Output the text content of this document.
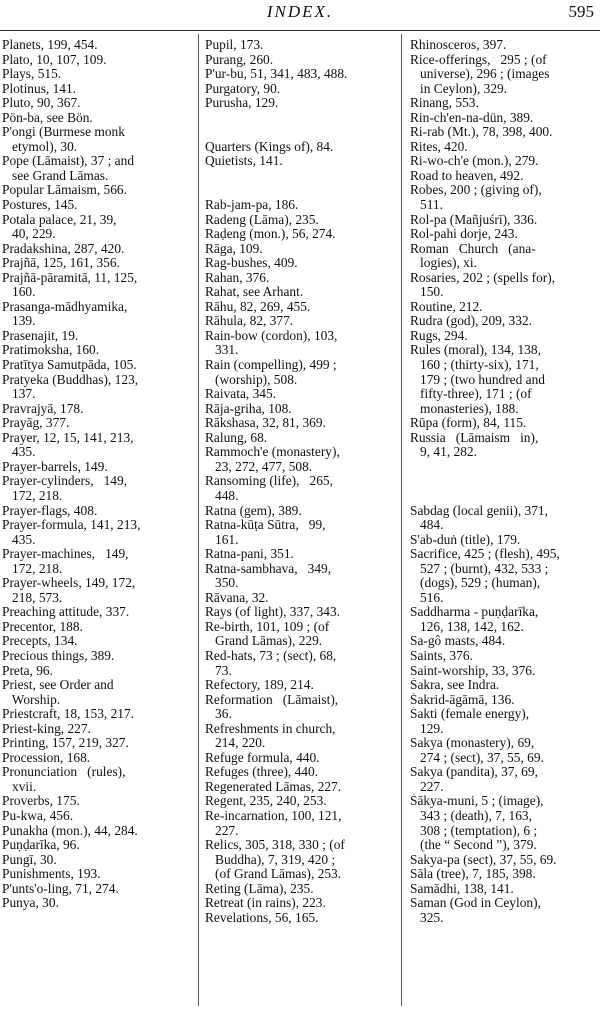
INDEX.	595
Planets, 199, 454.
Plato, 10, 107, 109.
Plays, 515.
Plotinus, 141.
Pluto, 90, 367.
Pön-ba, see Bön.
P'ongi (Burmese monk
etymol), 30.
Pope (Lāmaist), 37 ; and
see Grand Lāmas.
Popular Lāmaism, 566.
Postures, 145.
Potala palace, 21, 39,
40, 229.
Pradakshina, 287, 420.
Prajñā, 125, 161, 356.
Prajñā-pāramitā, 11, 125,
160.
Prasanga-mādhyamika,
139.
Prasenajit, 19.
Pratimoksha, 160.
Pratītya Samutpāda, 105.
Pratyeka (Buddhas), 123,
137.
Pravrajyā, 178.
Prayāg, 377.
Prayer, 12, 15, 141, 213,
435.
Prayer-barrels, 149.
Prayer-cylinders,   149,
172, 218.
Prayer-flags, 408.
Prayer-formula, 141, 213,
435.
Prayer-machines,   149,
172, 218.
Prayer-wheels, 149, 172,
218, 573.
Preaching attitude, 337.
Precentor, 188.
Precepts, 134.
Precious things, 389.
Preta, 96.
Priest, see Order and
Worship.
Priestcraft, 18, 153, 217.
Priest-king, 227.
Printing, 157, 219, 327.
Procession, 168.
Pronunciation   (rules),
xvii.
Proverbs, 175.
Pu-kwa, 456.
Punakha (mon.), 44, 284.
Puṇḍarīka, 96.
Pungī, 30.
Punishments, 193.
P'unts'o-ling, 71, 274.
Punya, 30.
Pupil, 173.
Purang, 260.
P'ur-bu, 51, 341, 483, 488.
Purgatory, 90.
Purusha, 129.

Quarters (Kings of), 84.
Quietists, 141.

Rab-jam-pa, 186.
Radeng (Lāma), 235.
Raḍeng (mon.), 56, 274.
Rāga, 109.
Rag-bushes, 409.
Rahan, 376.
Rahat, see Arhant.
Rāhu, 82, 269, 455.
Rāhula, 82, 377.
Rain-bow (cordon), 103,
331.
Rain (compelling), 499 ;
(worship), 508.
Raivata, 345.
Rāja-griha, 108.
Rākshasa, 32, 81, 369.
Ralung, 68.
Rammoch'e (monastery),
23, 272, 477, 508.
Ransoming (life),   265,
448.
Ratna (gem), 389.
Ratna-kūṭa Sūtra,   99,
161.
Ratna-pani, 351.
Ratna-sambhava,   349,
350.
Rāvana, 32.
Rays (of light), 337, 343.
Re-birth, 101, 109 ; (of
Grand Lāmas), 229.
Red-hats, 73 ; (sect), 68,
73.
Refectory, 189, 214.
Reformation   (Lāmaist),
36.
Refreshments in church,
214, 220.
Refuge formula, 440.
Refuges (three), 440.
Regenerated Lāmas, 227.
Regent, 235, 240, 253.
Re-incarnation, 100, 121,
227.
Relics, 305, 318, 330 ; (of
Buddha), 7, 319, 420 ;
(of Grand Lāmas), 253.
Reting (Lāma), 235.
Retreat (in rains), 223.
Revelations, 56, 165.
Rhinosceros, 397.
Rice-offerings,   295 ; (of
universe), 296 ; (images
in Ceylon), 329.
Rinang, 553.
Rin-ch'en-na-dün, 389.
Ri-rab (Mt.), 78, 398, 400.
Rites, 420.
Ri-wo-ch'e (mon.), 279.
Road to heaven, 492.
Robes, 200 ; (giving of),
511.
Rol-pa (Mañjuśrī), 336.
Rol-pahi dorje, 243.
Roman   Church   (ana-
logies), xi.
Rosaries, 202 ; (spells for),
150.
Routine, 212.
Rudra (god), 209, 332.
Rugs, 294.
Rules (moral), 134, 138,
160 ; (thirty-six), 171,
179 ; (two hundred and
fifty-three), 171 ; (of
monasteries), 188.
Rūpa (form), 84, 115.
Russia   (Lāmaism   in),
9, 41, 282.

Sabdag (local genii), 371,
484.
S'ab-duṅ (title), 179.
Sacrifice, 425 ; (flesh), 495,
527 ; (burnt), 432, 533 ;
(dogs), 529 ; (human),
516.
Saddharma - puṇḍarīka,
126, 138, 142, 162.
Sa-gô masts, 484.
Saints, 376.
Saint-worship, 33, 376.
Śakra, see Indra.
Śakrid-āgāmā, 136.
Śakti (female energy),
129.
Sakya (monastery), 69,
274 ; (sect), 37, 55, 69.
Sakya (pandita), 37, 69,
227.
Śākya-muni, 5 ; (image),
343 ; (death), 7, 163,
308 ; (temptation), 6 ;
(the “ Second ”), 379.
Sakya-pa (sect), 37, 55, 69.
Sāla (tree), 7, 185, 398.
Samādhi, 138, 141.
Saman (God in Ceylon),
325.
